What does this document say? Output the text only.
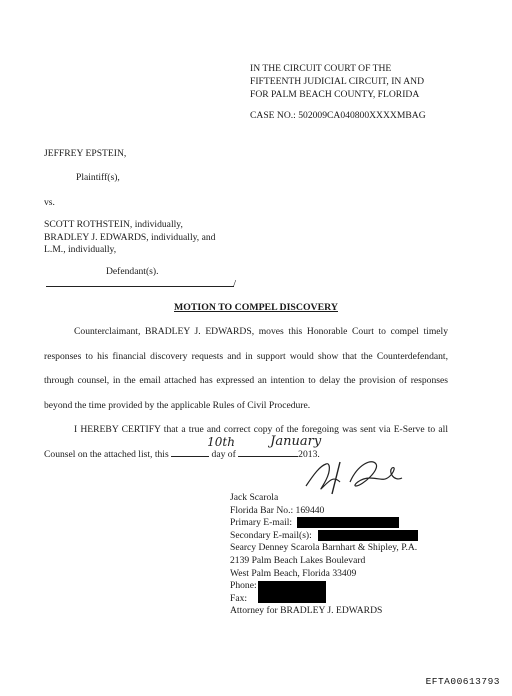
IN THE CIRCUIT COURT OF THE
FIFTEENTH JUDICIAL CIRCUIT, IN AND
FOR PALM BEACH COUNTY, FLORIDA
CASE NO.: 502009CA040800XXXXMBAG
JEFFREY EPSTEIN,
Plaintiff(s),
vs.
SCOTT ROTHSTEIN, individually,
BRADLEY J. EDWARDS, individually, and
L.M., individually,
Defendant(s).
/
MOTION TO COMPEL DISCOVERY

Counterclaimant, BRADLEY J. EDWARDS, moves this Honorable Court to compel timely responses to his financial discovery requests and in support would show that the Counterdefendant, through counsel, in the email attached has expressed an intention to delay the provision of responses beyond the time provided by the applicable Rules of Civil Procedure.

I HEREBY CERTIFY that a true and correct copy of the foregoing was sent via E-Serve to all Counsel on the attached list, this
10th
day of
January
2013.

Jack Scarola
Florida Bar No.: 169440
Primary E-mail:
Secondary E-mail(s):
Searcy Denney Scarola Barnhart & Shipley, P.A.
2139 Palm Beach Lakes Boulevard
West Palm Beach, Florida 33409
Phone:
Fax:
Attorney for BRADLEY J. EDWARDS
EFTA00613793
